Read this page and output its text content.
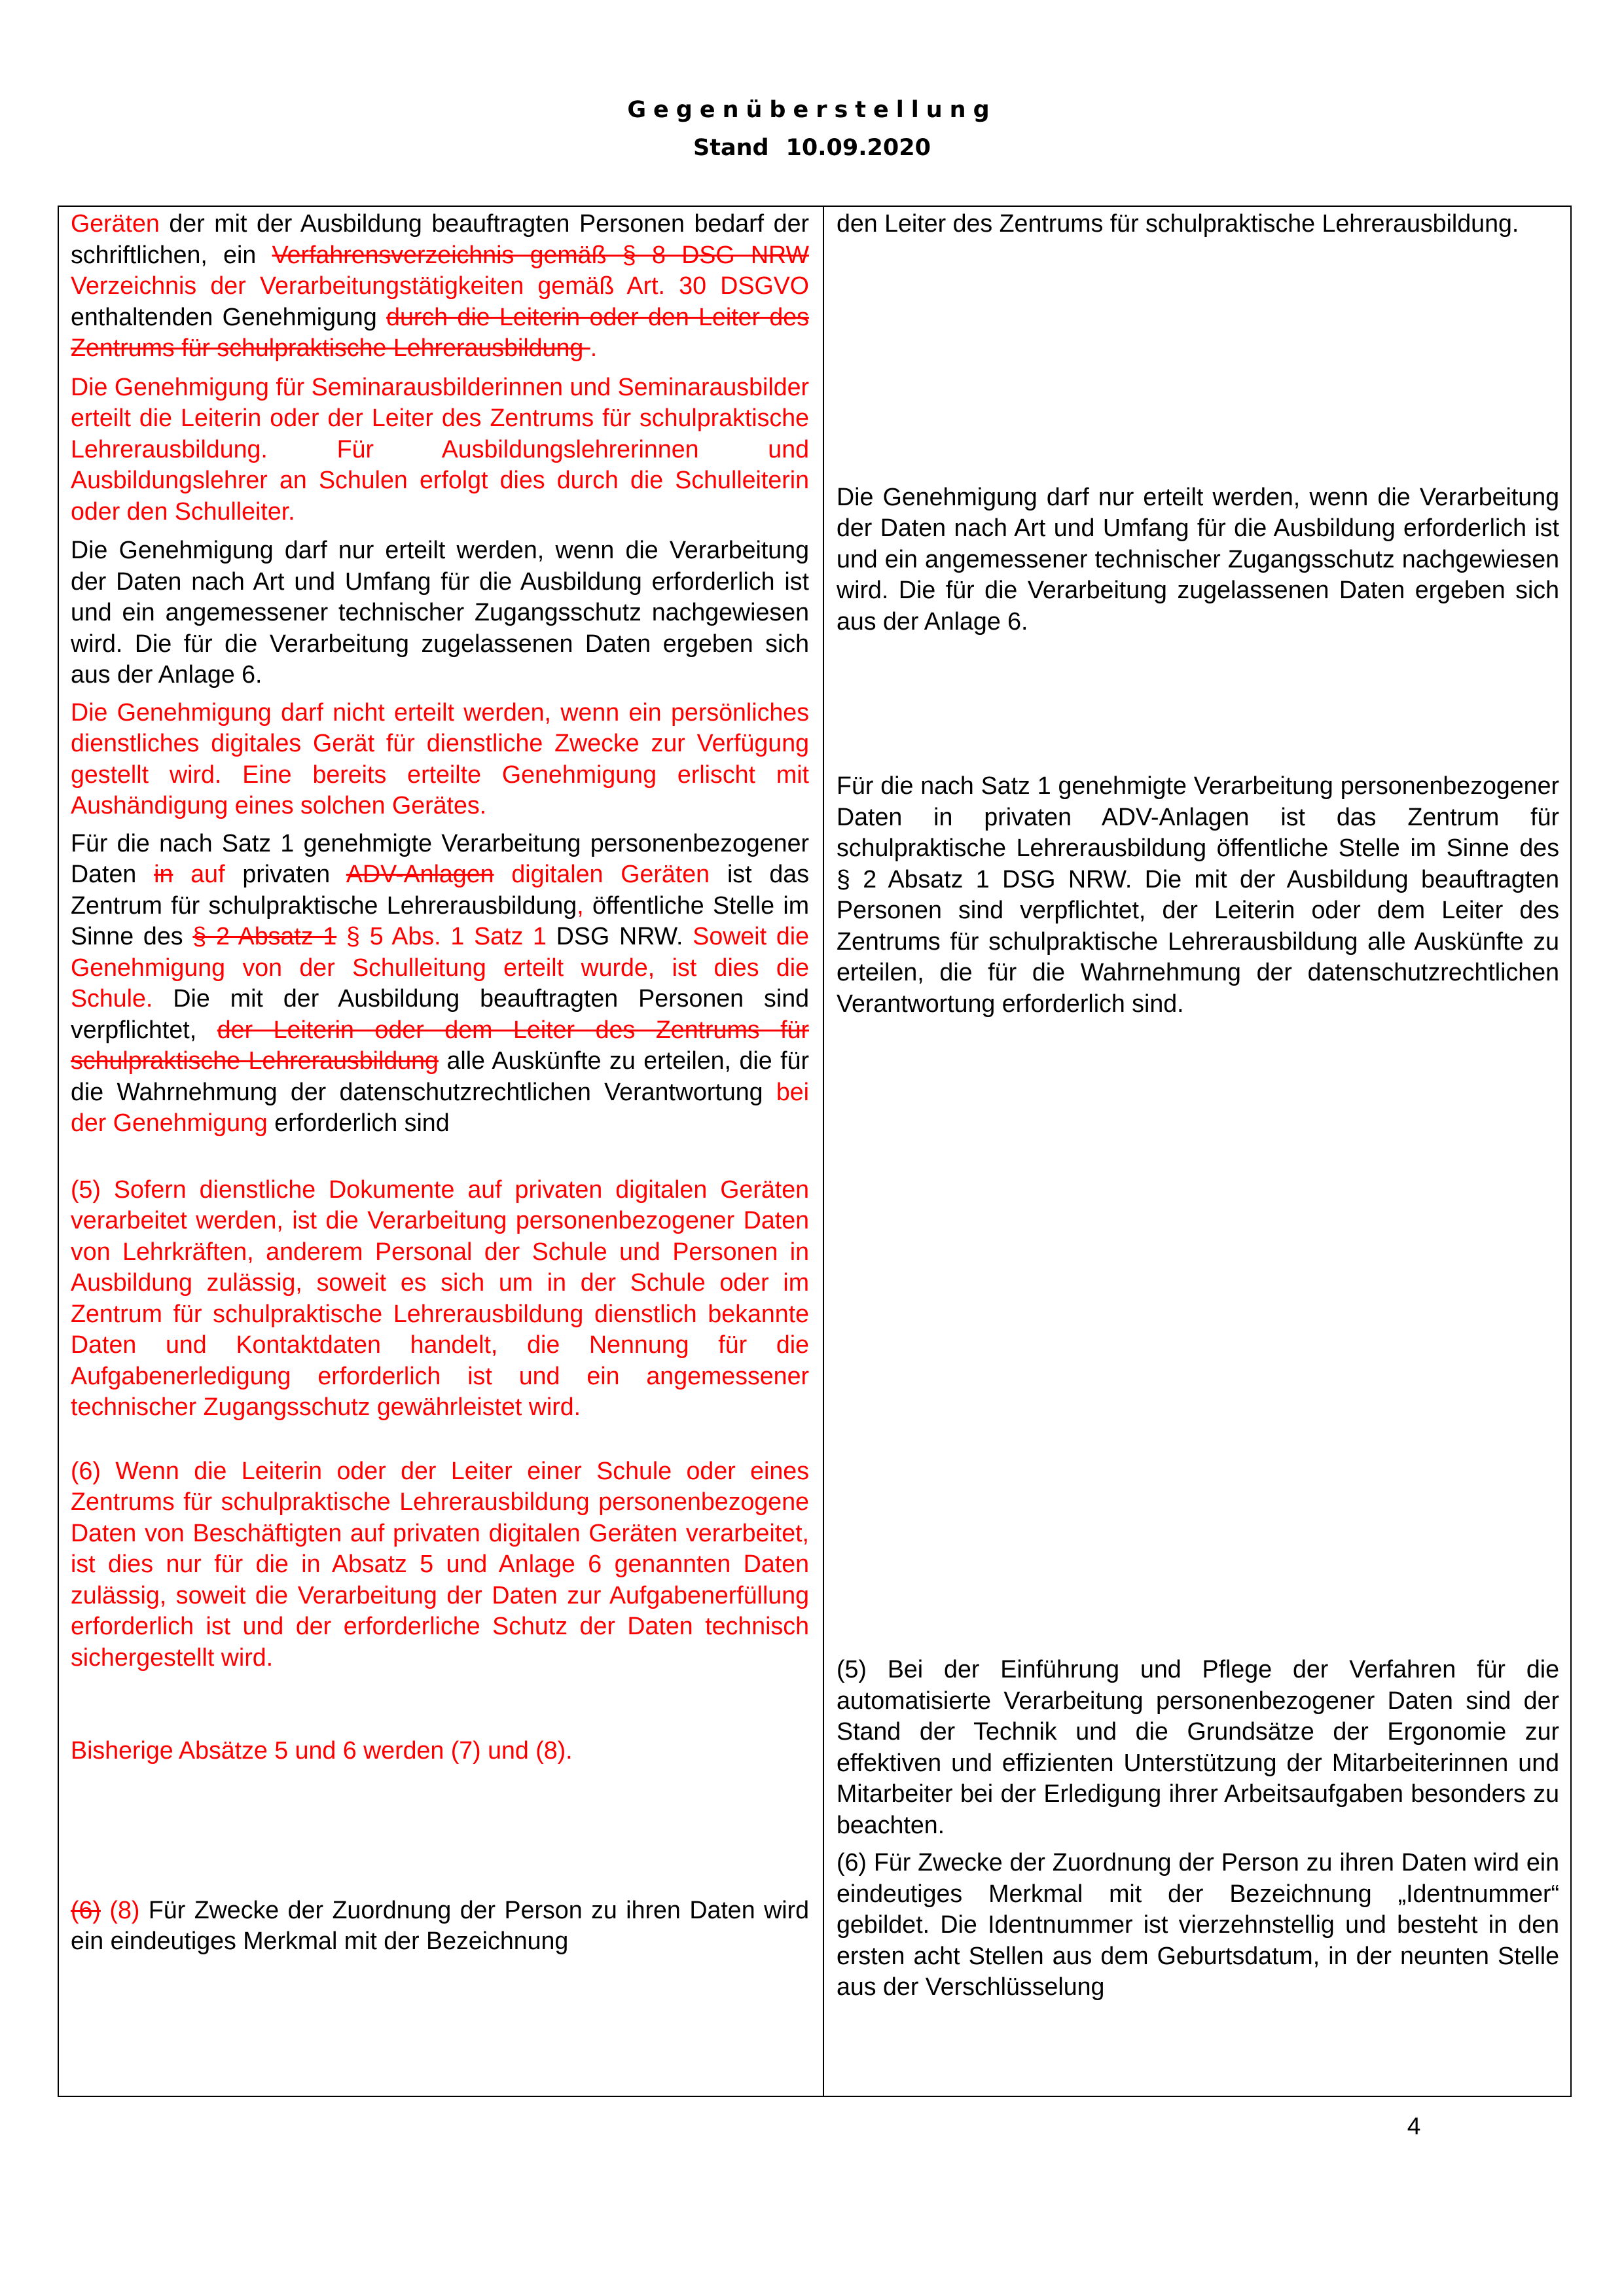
Gegenüberstellung
Stand 10.09.2020

Geräten der mit der Ausbildung beauftragten Personen bedarf der schriftlichen, ein Verfahrensverzeichnis gemäß § 8 DSG NRW Verzeichnis der Verarbeitungstätigkeiten gemäß Art. 30 DSGVO enthaltenden Genehmigung durch die Leiterin oder den Leiter des Zentrums für schulpraktische Lehrerausbildung .

Die Genehmigung für Seminarausbilderinnen und Seminarausbilder erteilt die Leiterin oder der Leiter des Zentrums für schulpraktische Lehrerausbildung. Für Ausbildungslehrerinnen und Ausbildungslehrer an Schulen erfolgt dies durch die Schulleiterin oder den Schulleiter.

Die Genehmigung darf nur erteilt werden, wenn die Verarbeitung der Daten nach Art und Umfang für die Ausbildung erforderlich ist und ein angemessener technischer Zugangsschutz nachgewiesen wird. Die für die Verarbeitung zugelassenen Daten ergeben sich aus der Anlage 6.

Die Genehmigung darf nicht erteilt werden, wenn ein persönliches dienstliches digitales Gerät für dienstliche Zwecke zur Verfügung gestellt wird. Eine bereits erteilte Genehmigung erlischt mit Aushändigung eines solchen Gerätes.

Für die nach Satz 1 genehmigte Verarbeitung personenbezogener Daten in auf privaten ADV-Anlagen digitalen Geräten ist das Zentrum für schulpraktische Lehrerausbildung, öffentliche Stelle im Sinne des § 2 Absatz 1 § 5 Abs. 1 Satz 1 DSG NRW. Soweit die Genehmigung von der Schulleitung erteilt wurde, ist dies die Schule. Die mit der Ausbildung beauftragten Personen sind verpflichtet, der Leiterin oder dem Leiter des Zentrums für schulpraktische Lehrerausbildung alle Auskünfte zu erteilen, die für die Wahrnehmung der datenschutzrechtlichen Verantwortung bei der Genehmigung erforderlich sind

(5) Sofern dienstliche Dokumente auf privaten digitalen Geräten verarbeitet werden, ist die Verarbeitung personenbezogener Daten von Lehrkräften, anderem Personal der Schule und Personen in Ausbildung zulässig, soweit es sich um in der Schule oder im Zentrum für schulpraktische Lehrerausbildung dienstlich bekannte Daten und Kontaktdaten handelt, die Nennung für die Aufgabenerledigung erforderlich ist und ein angemessener technischer Zugangsschutz gewährleistet wird.

(6) Wenn die Leiterin oder der Leiter einer Schule oder eines Zentrums für schulpraktische Lehrerausbildung personenbezogene Daten von Beschäftigten auf privaten digitalen Geräten verarbeitet, ist dies nur für die in Absatz 5 und Anlage 6 genannten Daten zulässig, soweit die Verarbeitung der Daten zur Aufgabenerfüllung erforderlich ist und der erforderliche Schutz der Daten technisch sichergestellt wird.

Bisherige Absätze 5 und 6 werden (7) und (8).

(6) (8) Für Zwecke der Zuordnung der Person zu ihren Daten wird ein eindeutiges Merkmal mit der Bezeichnung

den Leiter des Zentrums für schulpraktische Lehrerausbildung.

Die Genehmigung darf nur erteilt werden, wenn die Verarbeitung der Daten nach Art und Umfang für die Ausbildung erforderlich ist und ein angemessener technischer Zugangsschutz nachgewiesen wird. Die für die Verarbeitung zugelassenen Daten ergeben sich aus der Anlage 6.

Für die nach Satz 1 genehmigte Verarbeitung personenbezogener Daten in privaten ADV-Anlagen ist das Zentrum für schulpraktische Lehrerausbildung öffentliche Stelle im Sinne des § 2 Absatz 1 DSG NRW. Die mit der Ausbildung beauftragten Personen sind verpflichtet, der Leiterin oder dem Leiter des Zentrums für schulpraktische Lehrerausbildung alle Auskünfte zu erteilen, die für die Wahrnehmung der datenschutzrechtlichen Verantwortung erforderlich sind.

(5) Bei der Einführung und Pflege der Verfahren für die automatisierte Verarbeitung personenbezogener Daten sind der Stand der Technik und die Grundsätze der Ergonomie zur effektiven und effizienten Unterstützung der Mitarbeiterinnen und Mitarbeiter bei der Erledigung ihrer Arbeitsaufgaben besonders zu beachten.

(6) Für Zwecke der Zuordnung der Person zu ihren Daten wird ein eindeutiges Merkmal mit der Bezeichnung „Identnummer“ gebildet. Die Identnummer ist vierzehnstellig und besteht in den ersten acht Stellen aus dem Geburtsdatum, in der neunten Stelle aus der Verschlüsselung

4
